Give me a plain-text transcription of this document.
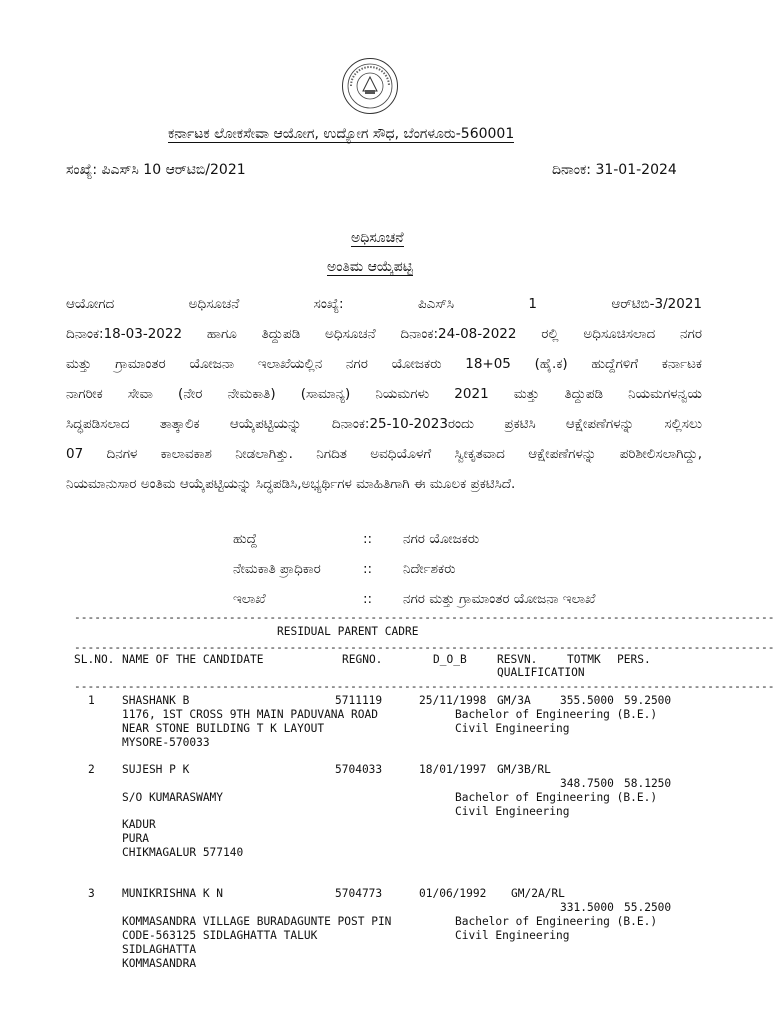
ಕರ್ನಾಟಕ ಲೋಕಸೇವಾ ಆಯೋಗ, ಉದ್ಯೋಗ ಸೌಧ, ಬೆಂಗಳೂರು-560001
ಸಂಖ್ಯೆ: ಪಿಎಸ್‌ಸಿ 10 ಆರ್‌ಟಿಬಿ/2021	ದಿನಾಂಕ: 31-01-2024
ಅಧಿಸೂಚನೆ
ಅಂತಿಮ ಆಯ್ಕೆಪಟ್ಟಿ
ಆಯೋಗದ ಅಧಿಸೂಚನೆ ಸಂಖ್ಯೆ: ಪಿಎಸ್‌ಸಿ 1 ಆರ್‌ಟಿಬಿ-3/2021
ದಿನಾಂಕ:18-03-2022 ಹಾಗೂ ತಿದ್ದುಪಡಿ ಅಧಿಸೂಚನೆ ದಿನಾಂಕ:24-08-2022 ರಲ್ಲಿ ಅಧಿಸೂಚಿಸಲಾದ ನಗರ
ಮತ್ತು ಗ್ರಾಮಾಂತರ ಯೋಜನಾ ಇಲಾಖೆಯಲ್ಲಿನ ನಗರ ಯೋಜಕರು 18+05 (ಹೈ.ಕ) ಹುದ್ದೆಗಳಿಗೆ ಕರ್ನಾಟಕ
ನಾಗರೀಕ ಸೇವಾ (ನೇರ ನೇಮಕಾತಿ) (ಸಾಮಾನ್ಯ) ನಿಯಮಗಳು 2021 ಮತ್ತು ತಿದ್ದುಪಡಿ ನಿಯಮಗಳನ್ವಯ
ಸಿದ್ಧಪಡಿಸಲಾದ ತಾತ್ಕಾಲಿಕ ಆಯ್ಕೆಪಟ್ಟಿಯನ್ನು ದಿನಾಂಕ:25-10-2023ರಂದು ಪ್ರಕಟಿಸಿ ಆಕ್ಷೇಪಣೆಗಳನ್ನು ಸಲ್ಲಿಸಲು
07 ದಿನಗಳ ಕಾಲಾವಕಾಶ ನೀಡಲಾಗಿತ್ತು. ನಿಗದಿತ ಅವಧಿಯೊಳಗೆ ಸ್ವೀಕೃತವಾದ ಆಕ್ಷೇಪಣೆಗಳನ್ನು ಪರಿಶೀಲಿಸಲಾಗಿದ್ದು,
ನಿಯಮಾನುಸಾರ ಅಂತಿಮ ಆಯ್ಕೆಪಟ್ಟಿಯನ್ನು ಸಿದ್ಧಪಡಿಸಿ,ಅಭ್ಯರ್ಥಿಗಳ ಮಾಹಿತಿಗಾಗಿ ಈ ಮೂಲಕ ಪ್ರಕಟಿಸಿದೆ.
ಹುದ್ದೆ	:: ನಗರ ಯೋಜಕರು
ನೇಮಕಾತಿ ಪ್ರಾಧಿಕಾರ	:: ನಿರ್ದೇಶಕರು
ಇಲಾಖೆ	:: ನಗರ ಮತ್ತು ಗ್ರಾಮಾಂತರ ಯೋಜನಾ ಇಲಾಖೆ
--------------------------------------------------------------------------------------------------------
RESIDUAL PARENT CADRE
--------------------------------------------------------------------------------------------------------
SL.NO. NAME OF THE CANDIDATE	REGNO.	D_O_B	RESVN.	TOTMK PERS.
QUALIFICATION
--------------------------------------------------------------------------------------------------------
1 SHASHANK B	5711119	25/11/1998 GM/3A	355.5000 59.2500
1176, 1ST CROSS 9TH MAIN PADUVANA ROAD
NEAR STONE BUILDING T K LAYOUT
MYSORE-570033
Bachelor of Engineering (B.E.)
Civil Engineering
2 SUJESH P K	5704033	18/01/1997 GM/3B/RL
348.7500 58.1250
S/O KUMARASWAMY
KADUR
PURA
CHIKMAGALUR 577140
Bachelor of Engineering (B.E.)
Civil Engineering
3 MUNIKRISHNA K N	5704773	01/06/1992 GM/2A/RL
331.5000 55.2500
KOMMASANDRA VILLAGE BURADAGUNTE POST PIN
CODE-563125 SIDLAGHATTA TALUK
SIDLAGHATTA
KOMMASANDRA
Bachelor of Engineering (B.E.)
Civil Engineering
